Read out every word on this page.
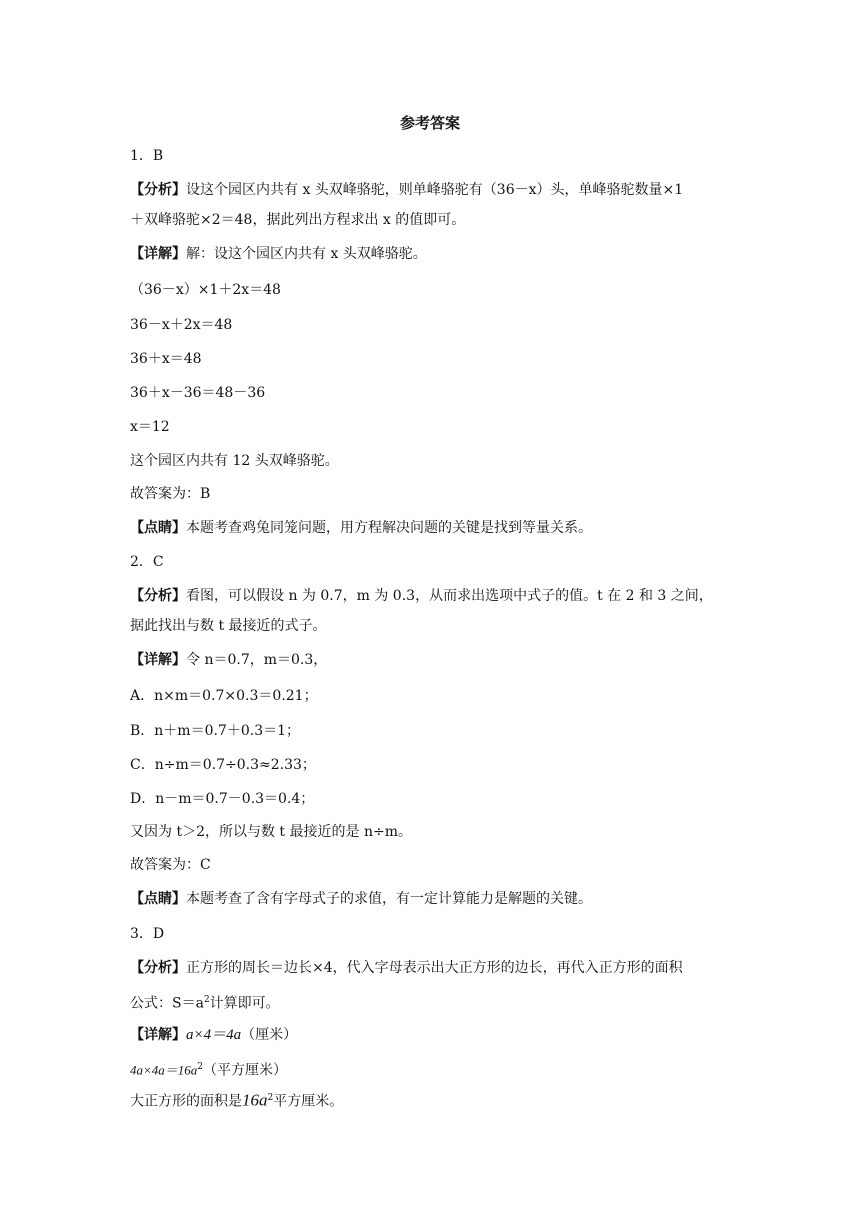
参考答案
1．B
【分析】设这个园区内共有 x 头双峰骆驼，则单峰骆驼有（36－x）头，单峰骆驼数量×1
＋双峰骆驼×2＝48，据此列出方程求出 x 的值即可。
【详解】解：设这个园区内共有 x 头双峰骆驼。
（36－x）×1＋2x＝48
36－x＋2x＝48
36＋x＝48
36＋x－36＝48－36
x＝12
这个园区内共有 12 头双峰骆驼。
故答案为：B
【点睛】本题考查鸡兔同笼问题，用方程解决问题的关键是找到等量关系。
2．C
【分析】看图，可以假设 n 为 0.7，m 为 0.3，从而求出选项中式子的值。t 在 2 和 3 之间，
据此找出与数 t 最接近的式子。
【详解】令 n＝0.7，m＝0.3，
A．n×m＝0.7×0.3＝0.21；
B．n＋m＝0.7＋0.3＝1；
C．n÷m＝0.7÷0.3≈2.33；
D．n－m＝0.7－0.3＝0.4；
又因为 t＞2，所以与数 t 最接近的是 n÷m。
故答案为：C
【点睛】本题考查了含有字母式子的求值，有一定计算能力是解题的关键。
3．D
【分析】正方形的周长＝边长×4，代入字母表示出大正方形的边长，再代入正方形的面积
公式：$S=a^2$计算即可。
【详解】a×4＝4a（厘米）
$4a\times 4a=16a^2$（平方厘米）
大正方形的面积是$16a^2$平方厘米。
